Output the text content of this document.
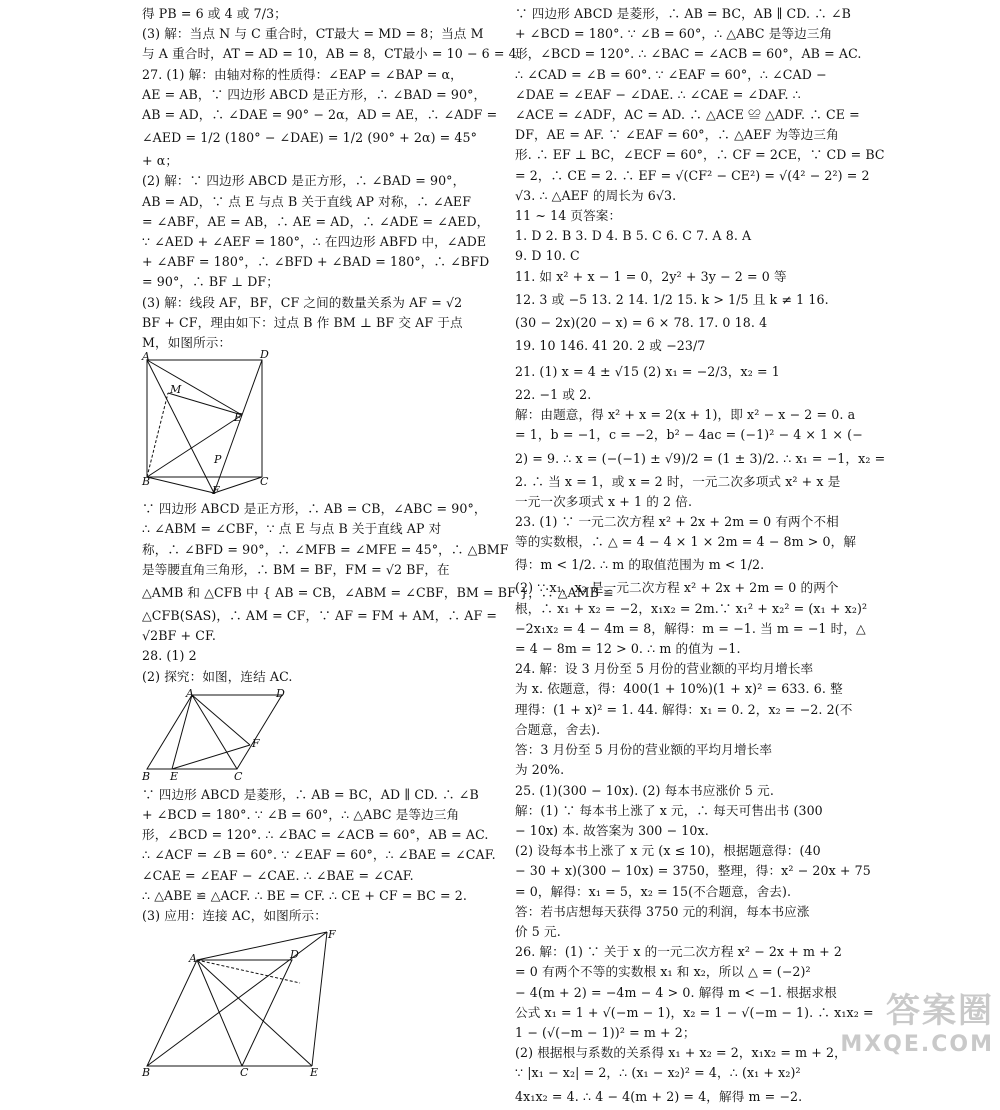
得 PB = 6 或 4 或 7/3；
(3) 解：当点 N 与 C 重合时，CT最大 = MD = 8；当点 M
与 A 重合时，AT = AD = 10，AB = 8，CT最小 = 10 − 6 = 4.
27. (1) 解：由轴对称的性质得：∠EAP = ∠BAP = α，
AE = AB，∵ 四边形 ABCD 是正方形，∴ ∠BAD = 90°，
AB = AD，∴ ∠DAE = 90° − 2α，AD = AE，∴ ∠ADF =
∠AED = 1/2 (180° − ∠DAE) = 1/2 (90° + 2α) = 45°
+ α；
(2) 解：∵ 四边形 ABCD 是正方形，∴ ∠BAD = 90°，
AB = AD，∵ 点 E 与点 B 关于直线 AP 对称，∴ ∠AEF
= ∠ABF，AE = AB，∴ AE = AD，∴ ∠ADE = ∠AED，
∵ ∠AED + ∠AEF = 180°，∴ 在四边形 ABFD 中，∠ADE
+ ∠ABF = 180°，∴ ∠BFD + ∠BAD = 180°，∴ ∠BFD
= 90°，∴ BF ⊥ DF；
(3) 解：线段 AF，BF，CF 之间的数量关系为 AF = √2
BF + CF，理由如下：过点 B 作 BM ⊥ BF 交 AF 于点
M，如图所示：
A	D
M
E
P
B	C
F
∵ 四边形 ABCD 是正方形，∴ AB = CB，∠ABC = 90°，
∴ ∠ABM = ∠CBF，∵ 点 E 与点 B 关于直线 AP 对
称，∴ ∠BFD = 90°，∴ ∠MFB = ∠MFE = 45°，∴ △BMF
是等腰直角三角形，∴ BM = BF，FM = √2 BF，在
△AMB 和 △CFB 中 { AB = CB，∠ABM = ∠CBF，BM = BF }，∴ △AMB ≌
△CFB(SAS)，∴ AM = CF，∵ AF = FM + AM，∴ AF =
√2BF + CF.
28. (1) 2
(2) 探究：如图，连结 AC.
A	D
F
B E	C
∵ 四边形 ABCD 是菱形，∴ AB = BC，AD ∥ CD. ∴ ∠B
+ ∠BCD = 180°. ∵ ∠B = 60°，∴ △ABC 是等边三角
形，∠BCD = 120°. ∴ ∠BAC = ∠ACB = 60°，AB = AC.
∴ ∠ACF = ∠B = 60°. ∵ ∠EAF = 60°，∴ ∠BAE = ∠CAF.
∠CAE = ∠EAF − ∠CAE. ∴ ∠BAE = ∠CAF.
∴ △ABE ≌ △ACF. ∴ BE = CF. ∴ CE + CF = BC = 2.
(3) 应用：连接 AC，如图所示：
F
A	D
B	C	E
∵ 四边形 ABCD 是菱形，∴ AB = BC，AB ∥ CD. ∴ ∠B
+ ∠BCD = 180°. ∵ ∠B = 60°，∴ △ABC 是等边三角
形，∠BCD = 120°. ∴ ∠BAC = ∠ACB = 60°，AB = AC.
∴ ∠CAD = ∠B = 60°. ∵ ∠EAF = 60°，∴ ∠CAD −
∠DAE = ∠EAF − ∠DAE. ∴ ∠CAE = ∠DAF. ∴
∠ACE = ∠ADF，AC = AD. ∴ △ACE ≌ △ADF. ∴ CE =
DF，AE = AF. ∵ ∠EAF = 60°，∴ △AEF 为等边三角
形. ∴ EF ⊥ BC，∠ECF = 60°，∴ CF = 2CE，∵ CD = BC
= 2，∴ CE = 2. ∴ EF = √(CF² − CE²) = √(4² − 2²) = 2
√3. ∴ △AEF 的周长为 6√3.
11 ~ 14 页答案：
1. D 2. B 3. D 4. B 5. C 6. C 7. A 8. A
9. D 10. C
11. 如 x² + x − 1 = 0，2y² + 3y − 2 = 0 等
12. 3 或 −5 13. 2 14. 1/2 15. k > 1/5 且 k ≠ 1 16.
(30 − 2x)(20 − x) = 6 × 78. 17. 0 18. 4
19. 10 146. 41 20. 2 或 −23/7
21. (1) x = 4 ± √15 (2) x₁ = −2/3，x₂ = 1
22. −1 或 2.
解：由题意，得 x² + x = 2(x + 1)，即 x² − x − 2 = 0. a
= 1，b = −1，c = −2，b² − 4ac = (−1)² − 4 × 1 × (−
2) = 9. ∴ x = (−(−1) ± √9)/2 = (1 ± 3)/2. ∴ x₁ = −1，x₂ =
2. ∴ 当 x = 1，或 x = 2 时，一元二次多项式 x² + x 是
一元一次多项式 x + 1 的 2 倍.
23. (1) ∵ 一元二次方程 x² + 2x + 2m = 0 有两个不相
等的实数根，∴ △ = 4 − 4 × 1 × 2m = 4 − 8m > 0，解
得：m < 1/2. ∴ m 的取值范围为 m < 1/2.
(2) ∵ x₁，x₂ 是一元二次方程 x² + 2x + 2m = 0 的两个
根，∴ x₁ + x₂ = −2，x₁x₂ = 2m.∵ x₁² + x₂² = (x₁ + x₂)²
−2x₁x₂ = 4 − 4m = 8，解得：m = −1. 当 m = −1 时，△
= 4 − 8m = 12 > 0. ∴ m 的值为 −1.
24. 解：设 3 月份至 5 月份的营业额的平均月增长率
为 x. 依题意，得：400(1 + 10%)(1 + x)² = 633. 6. 整
理得：(1 + x)² = 1. 44. 解得：x₁ = 0. 2，x₂ = −2. 2(不
合题意，舍去).
答：3 月份至 5 月份的营业额的平均月增长率
为 20%.
25. (1)(300 − 10x). (2) 每本书应涨价 5 元.
解：(1) ∵ 每本书上涨了 x 元，∴ 每天可售出书 (300
− 10x) 本. 故答案为 300 − 10x.
(2) 设每本书上涨了 x 元 (x ≤ 10)，根据题意得：(40
− 30 + x)(300 − 10x) = 3750，整理，得：x² − 20x + 75
= 0，解得：x₁ = 5，x₂ = 15(不合题意，舍去).
答：若书店想每天获得 3750 元的利润，每本书应涨
价 5 元.
26. 解：(1) ∵ 关于 x 的一元二次方程 x² − 2x + m + 2
= 0 有两个不等的实数根 x₁ 和 x₂，所以 △ = (−2)²
− 4(m + 2) = −4m − 4 > 0. 解得 m < −1. 根据求根
公式 x₁ = 1 + √(−m − 1)，x₂ = 1 − √(−m − 1). ∴ x₁x₂ =
1 − (√(−m − 1))² = m + 2；
(2) 根据根与系数的关系得 x₁ + x₂ = 2，x₁x₂ = m + 2，
∵ |x₁ − x₂| = 2，∴ (x₁ − x₂)² = 4，∴ (x₁ + x₂)²
4x₁x₂ = 4. ∴ 4 − 4(m + 2) = 4，解得 m = −2.
答案圈
MXQE.COM
